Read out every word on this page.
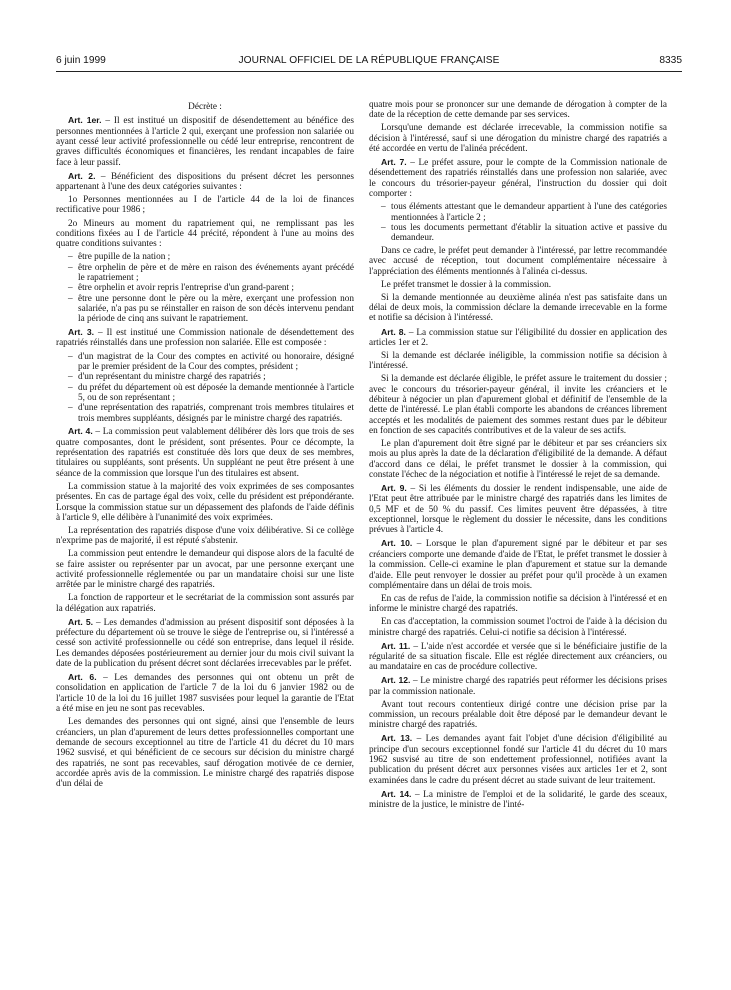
6 juin 1999	JOURNAL OFFICIEL DE LA RÉPUBLIQUE FRANÇAISE	8335

Décrète :

Art. 1er. – Il est institué un dispositif de désendettement au bénéfice des personnes mentionnées à l'article 2 qui, exerçant une profession non salariée ou ayant cessé leur activité professionnelle ou cédé leur entreprise, rencontrent de graves difficultés économiques et financières, les rendant incapables de faire face à leur passif.

Art. 2. – Bénéficient des dispositions du présent décret les personnes appartenant à l'une des deux catégories suivantes :

1o Personnes mentionnées au I de l'article 44 de la loi de finances rectificative pour 1986 ;

2o Mineurs au moment du rapatriement qui, ne remplissant pas les conditions fixées au I de l'article 44 précité, répondent à l'une au moins des quatre conditions suivantes :

– être pupille de la nation ;
– être orphelin de père et de mère en raison des événements ayant précédé le rapatriement ;
– être orphelin et avoir repris l'entreprise d'un grand-parent ;
– être une personne dont le père ou la mère, exerçant une profession non salariée, n'a pas pu se réinstaller en raison de son décès intervenu pendant la période de cinq ans suivant le rapatriement.

Art. 3. – Il est institué une Commission nationale de désendettement des rapatriés réinstallés dans une profession non salariée. Elle est composée :

– d'un magistrat de la Cour des comptes en activité ou honoraire, désigné par le premier président de la Cour des comptes, président ;
– d'un représentant du ministre chargé des rapatriés ;
– du préfet du département où est déposée la demande mentionnée à l'article 5, ou de son représentant ;
– d'une représentation des rapatriés, comprenant trois membres titulaires et trois membres suppléants, désignés par le ministre chargé des rapatriés.

Art. 4. – La commission peut valablement délibérer dès lors que trois de ses quatre composantes, dont le président, sont présentes. Pour ce décompte, la représentation des rapatriés est constituée dès lors que deux de ses membres, titulaires ou suppléants, sont présents. Un suppléant ne peut être présent à une séance de la commission que lorsque l'un des titulaires est absent.

La commission statue à la majorité des voix exprimées de ses composantes présentes. En cas de partage égal des voix, celle du président est prépondérante. Lorsque la commission statue sur un dépassement des plafonds de l'aide définis à l'article 9, elle délibère à l'unanimité des voix exprimées.

La représentation des rapatriés dispose d'une voix délibérative. Si ce collège n'exprime pas de majorité, il est réputé s'abstenir.

La commission peut entendre le demandeur qui dispose alors de la faculté de se faire assister ou représenter par un avocat, par une personne exerçant une activité professionnelle réglementée ou par un mandataire choisi sur une liste arrêtée par le ministre chargé des rapatriés.

La fonction de rapporteur et le secrétariat de la commission sont assurés par la délégation aux rapatriés.

Art. 5. – Les demandes d'admission au présent dispositif sont déposées à la préfecture du département où se trouve le siège de l'entreprise ou, si l'intéressé a cessé son activité professionnelle ou cédé son entreprise, dans lequel il réside. Les demandes déposées postérieurement au dernier jour du mois civil suivant la date de la publication du présent décret sont déclarées irrecevables par le préfet.

Art. 6. – Les demandes des personnes qui ont obtenu un prêt de consolidation en application de l'article 7 de la loi du 6 janvier 1982 ou de l'article 10 de la loi du 16 juillet 1987 susvisées pour lequel la garantie de l'Etat a été mise en jeu ne sont pas recevables.

Les demandes des personnes qui ont signé, ainsi que l'ensemble de leurs créanciers, un plan d'apurement de leurs dettes professionnelles comportant une demande de secours exceptionnel au titre de l'article 41 du décret du 10 mars 1962 susvisé, et qui bénéficient de ce secours sur décision du ministre chargé des rapatriés, ne sont pas recevables, sauf dérogation motivée de ce dernier, accordée après avis de la commission. Le ministre chargé des rapatriés dispose d'un délai de

quatre mois pour se prononcer sur une demande de dérogation à compter de la date de la réception de cette demande par ses services.

Lorsqu'une demande est déclarée irrecevable, la commission notifie sa décision à l'intéressé, sauf si une dérogation du ministre chargé des rapatriés a été accordée en vertu de l'alinéa précédent.

Art. 7. – Le préfet assure, pour le compte de la Commission nationale de désendettement des rapatriés réinstallés dans une profession non salariée, avec le concours du trésorier-payeur général, l'instruction du dossier qui doit comporter :

– tous éléments attestant que le demandeur appartient à l'une des catégories mentionnées à l'article 2 ;
– tous les documents permettant d'établir la situation active et passive du demandeur.

Dans ce cadre, le préfet peut demander à l'intéressé, par lettre recommandée avec accusé de réception, tout document complémentaire nécessaire à l'appréciation des éléments mentionnés à l'alinéa ci-dessus.

Le préfet transmet le dossier à la commission.

Si la demande mentionnée au deuxième alinéa n'est pas satisfaite dans un délai de deux mois, la commission déclare la demande irrecevable en la forme et notifie sa décision à l'intéressé.

Art. 8. – La commission statue sur l'éligibilité du dossier en application des articles 1er et 2.

Si la demande est déclarée inéligible, la commission notifie sa décision à l'intéressé.

Si la demande est déclarée éligible, le préfet assure le traitement du dossier ; avec le concours du trésorier-payeur général, il invite les créanciers et le débiteur à négocier un plan d'apurement global et définitif de l'ensemble de la dette de l'intéressé. Le plan établi comporte les abandons de créances librement acceptés et les modalités de paiement des sommes restant dues par le débiteur en fonction de ses capacités contributives et de la valeur de ses actifs.

Le plan d'apurement doit être signé par le débiteur et par ses créanciers six mois au plus après la date de la déclaration d'éligibilité de la demande. A défaut d'accord dans ce délai, le préfet transmet le dossier à la commission, qui constate l'échec de la négociation et notifie à l'intéressé le rejet de sa demande.

Art. 9. – Si les éléments du dossier le rendent indispensable, une aide de l'Etat peut être attribuée par le ministre chargé des rapatriés dans les limites de 0,5 MF et de 50 % du passif. Ces limites peuvent être dépassées, à titre exceptionnel, lorsque le règlement du dossier le nécessite, dans les conditions prévues à l'article 4.

Art. 10. – Lorsque le plan d'apurement signé par le débiteur et par ses créanciers comporte une demande d'aide de l'Etat, le préfet transmet le dossier à la commission. Celle-ci examine le plan d'apurement et statue sur la demande d'aide. Elle peut renvoyer le dossier au préfet pour qu'il procède à un examen complémentaire dans un délai de trois mois.

En cas de refus de l'aide, la commission notifie sa décision à l'intéressé et en informe le ministre chargé des rapatriés.

En cas d'acceptation, la commission soumet l'octroi de l'aide à la décision du ministre chargé des rapatriés. Celui-ci notifie sa décision à l'intéressé.

Art. 11. – L'aide n'est accordée et versée que si le bénéficiaire justifie de la régularité de sa situation fiscale. Elle est réglée directement aux créanciers, ou au mandataire en cas de procédure collective.

Art. 12. – Le ministre chargé des rapatriés peut réformer les décisions prises par la commission nationale.

Avant tout recours contentieux dirigé contre une décision prise par la commission, un recours préalable doit être déposé par le demandeur devant le ministre chargé des rapatriés.

Art. 13. – Les demandes ayant fait l'objet d'une décision d'éligibilité au principe d'un secours exceptionnel fondé sur l'article 41 du décret du 10 mars 1962 susvisé au titre de son endettement professionnel, notifiées avant la publication du présent décret aux personnes visées aux articles 1er et 2, sont examinées dans le cadre du présent décret au stade suivant de leur traitement.

Art. 14. – La ministre de l'emploi et de la solidarité, le garde des sceaux, ministre de la justice, le ministre de l'inté-
